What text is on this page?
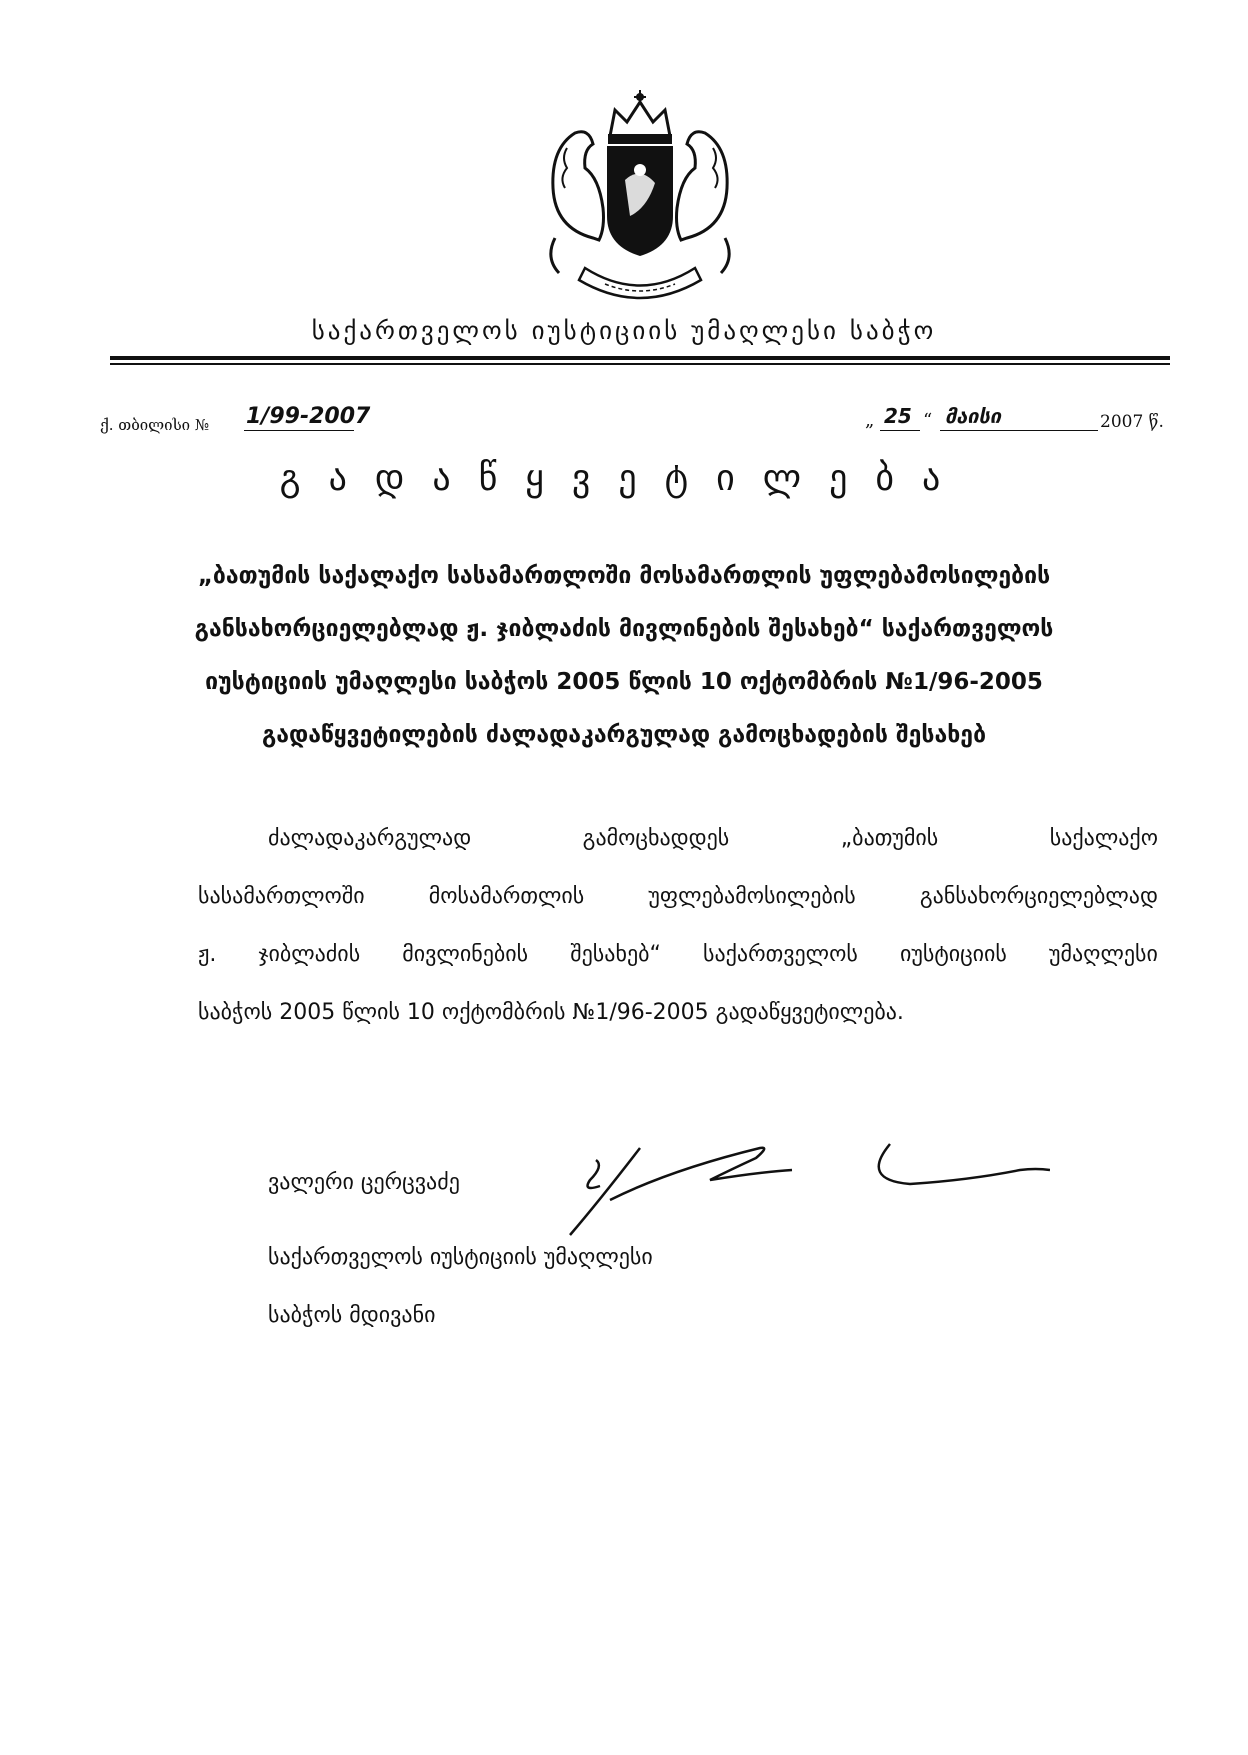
საქართველოს იუსტიციის უმაღლესი საბჭო
ქ. თბილისი № 1/99-2007	„ 25 “ მაისი	2007 წ.
გადაწყვეტილება
„ბათუმის საქალაქო სასამართლოში მოსამართლის უფლებამოსილების
განსახორციელებლად ჟ. ჯიბლაძის მივლინების შესახებ“ საქართველოს
იუსტიციის უმაღლესი საბჭოს 2005 წლის 10 ოქტომბრის №1/96-2005
გადაწყვეტილების ძალადაკარგულად გამოცხადების შესახებ
ძალადაკარგულად	გამოცხადდეს	„ბათუმის	საქალაქო
სასამართლოში	მოსამართლის	უფლებამოსილების	განსახორციელებლად
ჟ. ჯიბლაძის მივლინების შესახებ“ საქართველოს იუსტიციის უმაღლესი
საბჭოს 2005 წლის 10 ოქტომბრის №1/96-2005 გადაწყვეტილება.
ვალერი ცერცვაძე
საქართველოს იუსტიციის უმაღლესი
საბჭოს მდივანი
